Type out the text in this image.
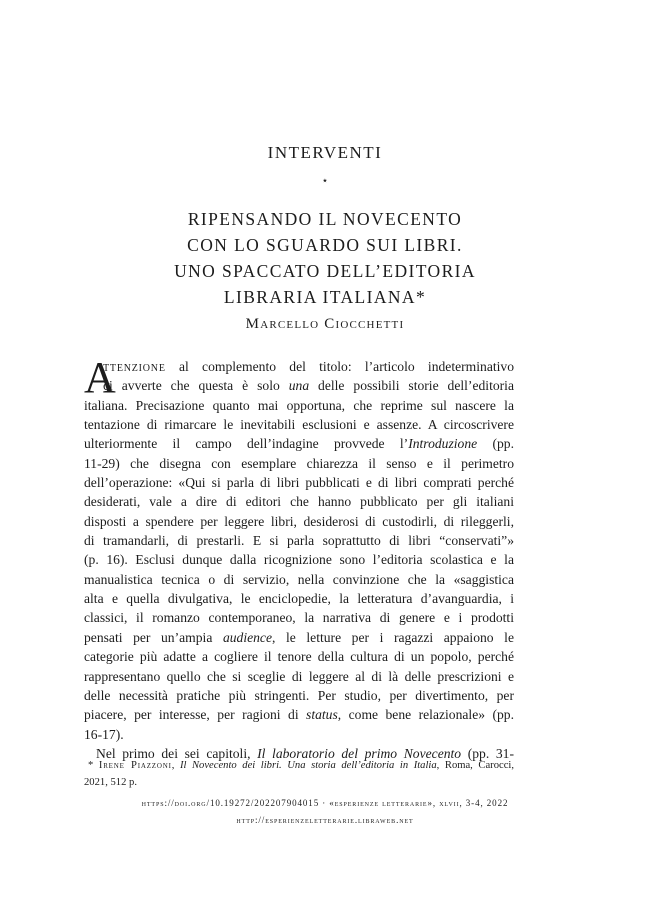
INTERVENTI
⋆
RIPENSANDO IL NOVECENTO
CON LO SGUARDO SUI LIBRI.
UNO SPACCATO DELL’EDITORIA
LIBRARIA ITALIANA*
Marcello Ciocchetti
A
ttenzione al complemento del titolo: l’articolo indeterminativo
ci avverte che questa è solo una delle possibili storie dell’editoria
italiana. Precisazione quanto mai opportuna, che reprime sul nascere la
tentazione di rimarcare le inevitabili esclusioni e assenze. A circoscrivere
ulteriormente il campo dell’indagine provvede l’Introduzione (pp.
11-29) che disegna con esemplare chiarezza il senso e il perimetro
dell’operazione: «Qui si parla di libri pubblicati e di libri comprati perché
desiderati, vale a dire di editori che hanno pubblicato per gli italiani
disposti a spendere per leggere libri, desiderosi di custodirli, di rileggerli,
di tramandarli, di prestarli. E si parla soprattutto di libri “conservati”»
(p. 16). Esclusi dunque dalla ricognizione sono l’editoria scolastica e la
manualistica tecnica o di servizio, nella convinzione che la «saggistica
alta e quella divulgativa, le enciclopedie, la letteratura d’avanguardia, i
classici, il romanzo contemporaneo, la narrativa di genere e i prodotti
pensati per un’ampia audience, le letture per i ragazzi appaiono le
categorie più adatte a cogliere il tenore della cultura di un popolo, perché
rappresentano quello che si sceglie di leggere al di là delle prescrizioni e
delle necessità pratiche più stringenti. Per studio, per divertimento, per
piacere, per interesse, per ragioni di status, come bene relazionale» (pp.
16-17).
Nel primo dei sei capitoli, Il laboratorio del primo Novecento (pp. 31-
* Irene Piazzoni, Il Novecento dei libri. Una storia dell’editoria in Italia, Roma, Carocci,
2021, 512 p.
https://doi.org/10.19272/202207904015 · «esperienze letterarie», xlvii, 3-4, 2022
http://esperienzeletterarie.libraweb.net
